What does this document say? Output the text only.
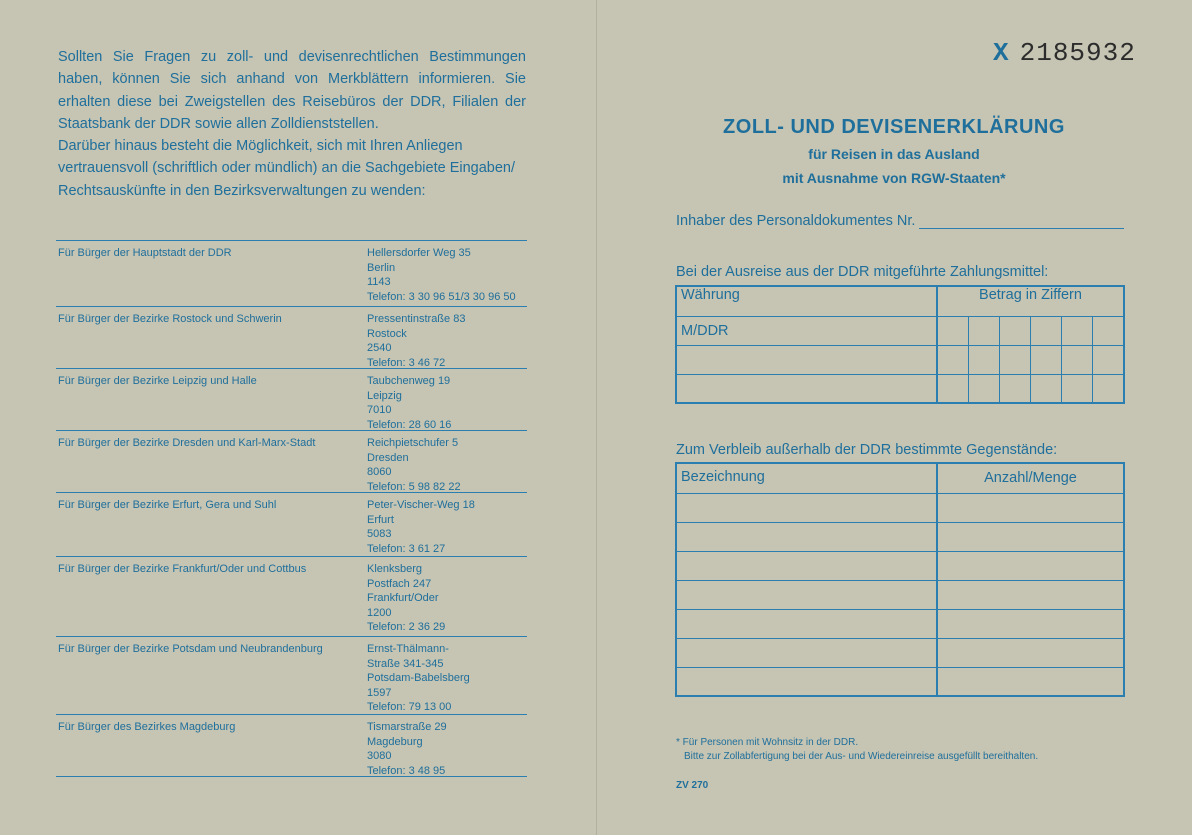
Sollten Sie Fragen zu zoll- und devisenrechtlichen Bestimmungen haben, können Sie sich anhand von Merkblättern informieren. Sie erhalten diese bei Zweigstellen des Reisebüros der DDR, Filialen der Staatsbank der DDR sowie allen Zolldienststellen.

Darüber hinaus besteht die Möglichkeit, sich mit Ihren Anliegen vertrauensvoll (schriftlich oder mündlich) an die Sachgebiete Eingaben/ Rechtsauskünfte in den Bezirksverwaltungen zu wenden:

Für Bürger der Hauptstadt der DDR	Hellersdorfer Weg 35
Berlin
1143
Telefon: 3 30 96 51/3 30 96 50
Für Bürger der Bezirke Rostock und Schwerin	Pressentinstraße 83
Rostock
2540
Telefon: 3 46 72
Für Bürger der Bezirke Leipzig und Halle	Taubchenweg 19
Leipzig
7010
Telefon: 28 60 16
Für Bürger der Bezirke Dresden und Karl-Marx-Stadt	Reichpietschufer 5
Dresden
8060
Telefon: 5 98 82 22
Für Bürger der Bezirke Erfurt, Gera und Suhl	Peter-Vischer-Weg 18
Erfurt
5083
Telefon: 3 61 27
Für Bürger der Bezirke Frankfurt/Oder und Cottbus	Klenksberg
Postfach 247
Frankfurt/Oder
1200
Telefon: 2 36 29
Für Bürger der Bezirke Potsdam und Neubrandenburg	Ernst-Thälmann-
Straße 341-345
Potsdam-Babelsberg
1597
Telefon: 79 13 00
Für Bürger des Bezirkes Magdeburg	Tismarstraße 29
Magdeburg
3080
Telefon: 3 48 95
X 2185932
ZOLL- UND DEVISENERKLÄRUNG
für Reisen in das Ausland
mit Ausnahme von RGW-Staaten*
Inhaber des Personaldokumentes Nr.
Bei der Ausreise aus der DDR mitgeführte Zahlungsmittel:
Währung	Betrag in Ziffern					
M/DDR						

Zum Verbleib außerhalb der DDR bestimmte Gegenstände:
Bezeichnung	Anzahl/Menge

* Für Personen mit Wohnsitz in der DDR.
Bitte zur Zollabfertigung bei der Aus- und Wiedereinreise ausgefüllt bereithalten.
ZV 270
